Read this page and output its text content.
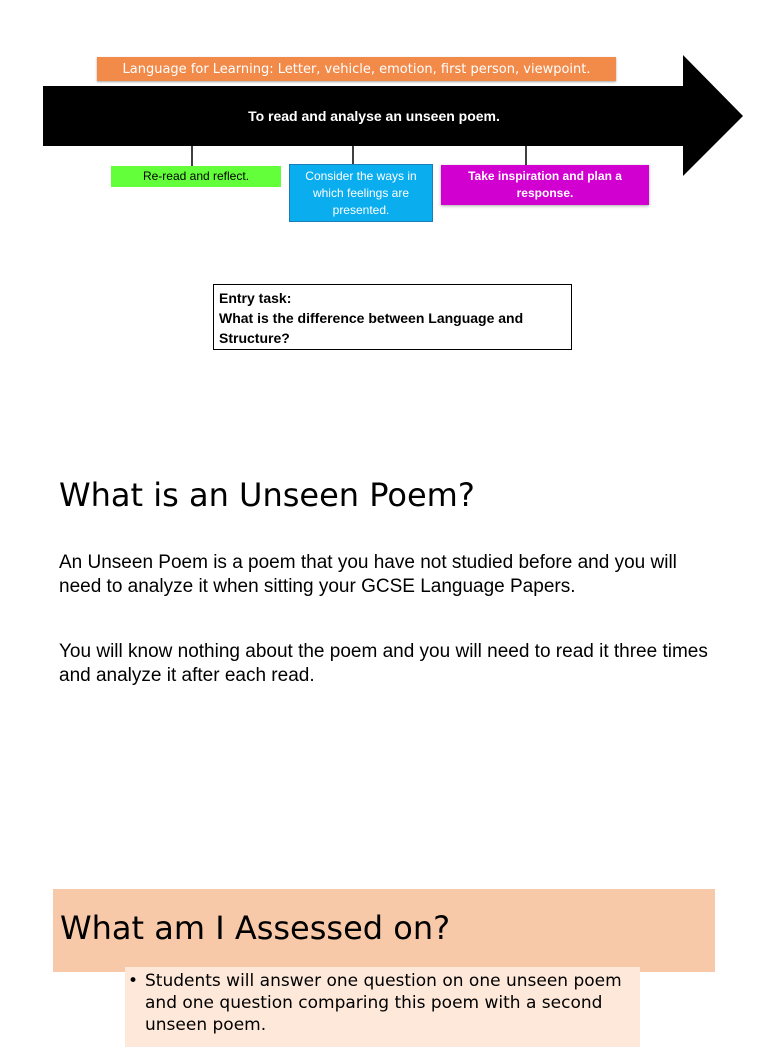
Language for Learning: Letter, vehicle, emotion, first person, viewpoint.
To read and analyse an unseen poem.
Re-read and reflect.	Consider the ways in which feelings are presented.
Take inspiration and plan a response.
Entry task:
What is the difference between Language and Structure?
What is an Unseen Poem?

An Unseen Poem is a poem that you have not studied before and you will need to analyze it when sitting your GCSE Language Papers.

You will know nothing about the poem and you will need to read it three times and analyze it after each read.

What am I Assessed on?
• Students will answer one question on one unseen poem and one question comparing this poem with a second unseen poem.
